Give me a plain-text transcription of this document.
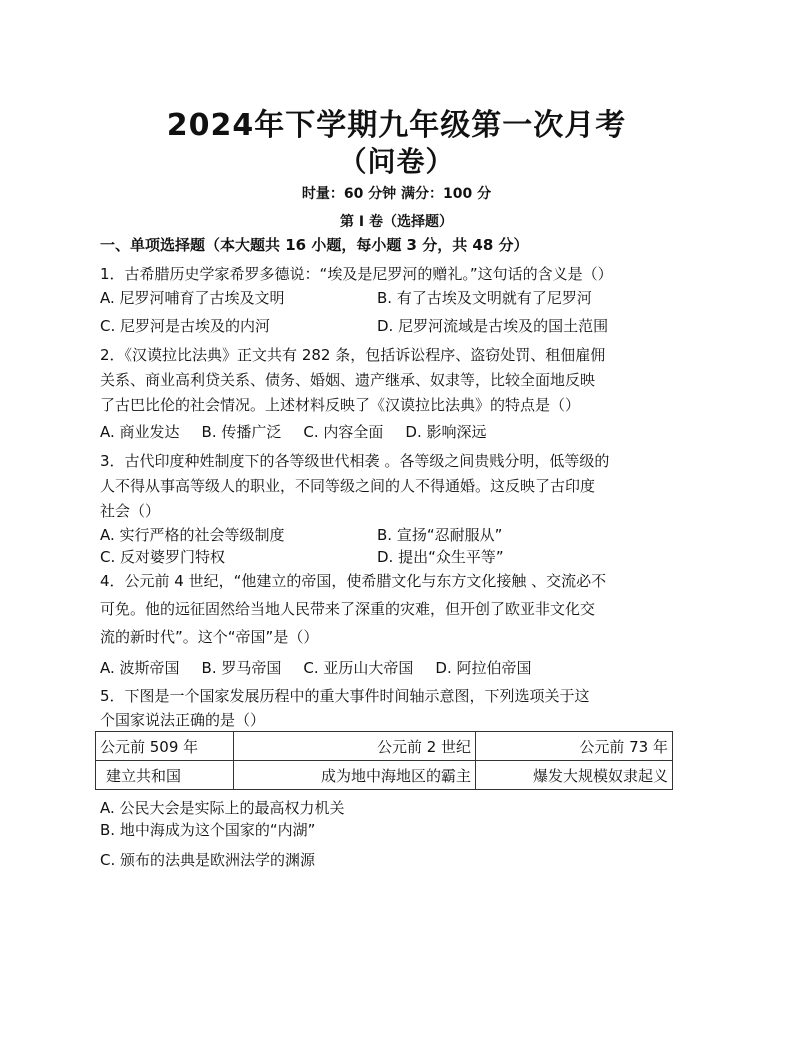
2024年下学期九年级第一次月考
（问卷）
时量：60 分钟 满分：100 分
第 I 卷（选择题）
一、单项选择题（本大题共 16 小题，每小题 3 分，共 48 分）
1．古希腊历史学家希罗多德说：“埃及是尼罗河的赠礼。”这句话的含义是（）
A. 尼罗河哺育了古埃及文明	B. 有了古埃及文明就有了尼罗河
C. 尼罗河是古埃及的内河	D. 尼罗河流域是古埃及的国土范围
2．《汉谟拉比法典》正文共有 282 条，包括诉讼程序、盗窃处罚、租佃雇佣
关系、商业高利贷关系、债务、婚姻、遗产继承、奴隶等，比较全面地反映
了古巴比伦的社会情况。上述材料反映了《汉谟拉比法典》的特点是（）
A. 商业发达 B. 传播广泛 C. 内容全面 D. 影响深远
3．古代印度种姓制度下的各等级世代相袭 。各等级之间贵贱分明，低等级的
人不得从事高等级人的职业，不同等级之间的人不得通婚。这反映了古印度
社会（）
A. 实行严格的社会等级制度	B. 宣扬“忍耐服从”
C. 反对婆罗门特权	D. 提出“众生平等”
4．公元前 4 世纪，“他建立的帝国，使希腊文化与东方文化接触 、交流必不
可免。他的远征固然给当地人民带来了深重的灾难，但开创了欧亚非文化交
流的新时代”。这个“帝国”是（）
A. 波斯帝国 B. 罗马帝国 C. 亚历山大帝国 D. 阿拉伯帝国
5．下图是一个国家发展历程中的重大事件时间轴示意图，下列选项关于这
个国家说法正确的是（）
公元前 509 年	公元前 2 世纪	公元前 73 年
建立共和国	成为地中海地区的霸主	爆发大规模奴隶起义
A. 公民大会是实际上的最高权力机关
B. 地中海成为这个国家的“内湖”
C. 颁布的法典是欧洲法学的渊源
